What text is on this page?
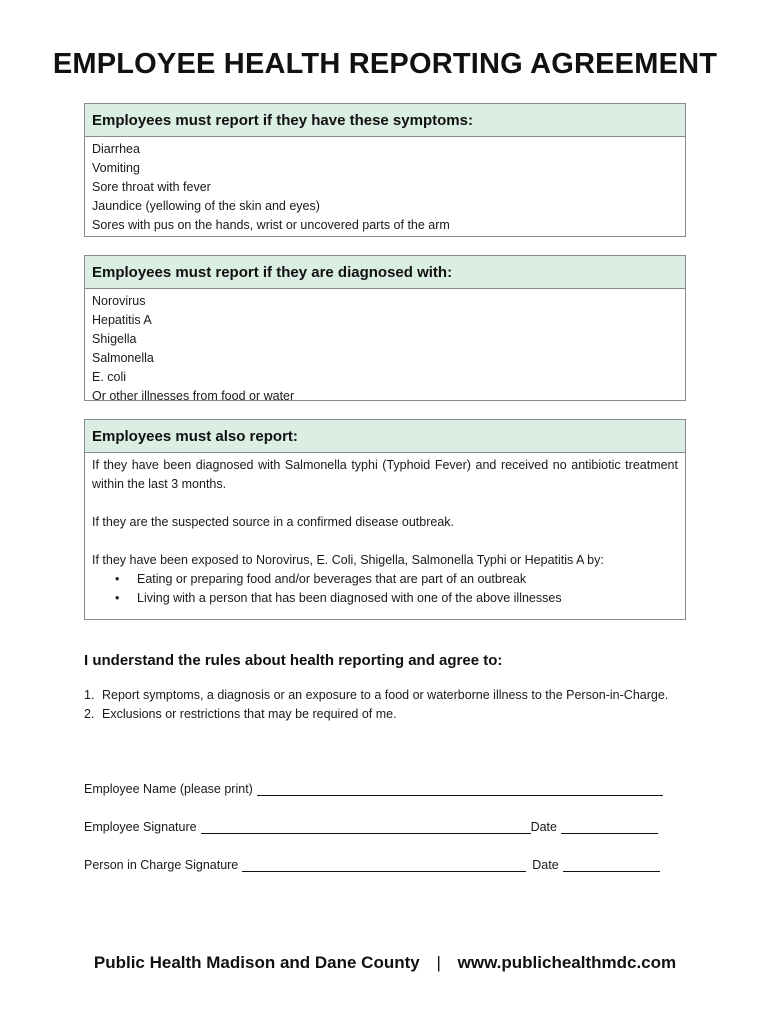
EMPLOYEE HEALTH REPORTING AGREEMENT
Employees must report if they have these symptoms:
Diarrhea
Vomiting
Sore throat with fever
Jaundice (yellowing of the skin and eyes)
Sores with pus on the hands, wrist or uncovered parts of the arm
Employees must report if they are diagnosed with:
Norovirus
Hepatitis A
Shigella
Salmonella
E. coli
Or other illnesses from food or water
Employees must also report:

If they have been diagnosed with Salmonella typhi (Typhoid Fever) and received no antibiotic treatment within the last 3 months.

If they are the suspected source in a confirmed disease outbreak.

If they have been exposed to Norovirus, E. Coli, Shigella, Salmonella Typhi or Hepatitis A by:

• Eating or preparing food and/or beverages that are part of an outbreak
• Living with a person that has been diagnosed with one of the above illnesses
I understand the rules about health reporting and agree to:
1. Report symptoms, a diagnosis or an exposure to a food or waterborne illness to the Person-in-Charge.
2. Exclusions or restrictions that may be required of me.
Employee Name (please print)
Employee Signature	Date
Person in Charge Signature	Date
Public Health Madison and Dane County | www.publichealthmdc.com
